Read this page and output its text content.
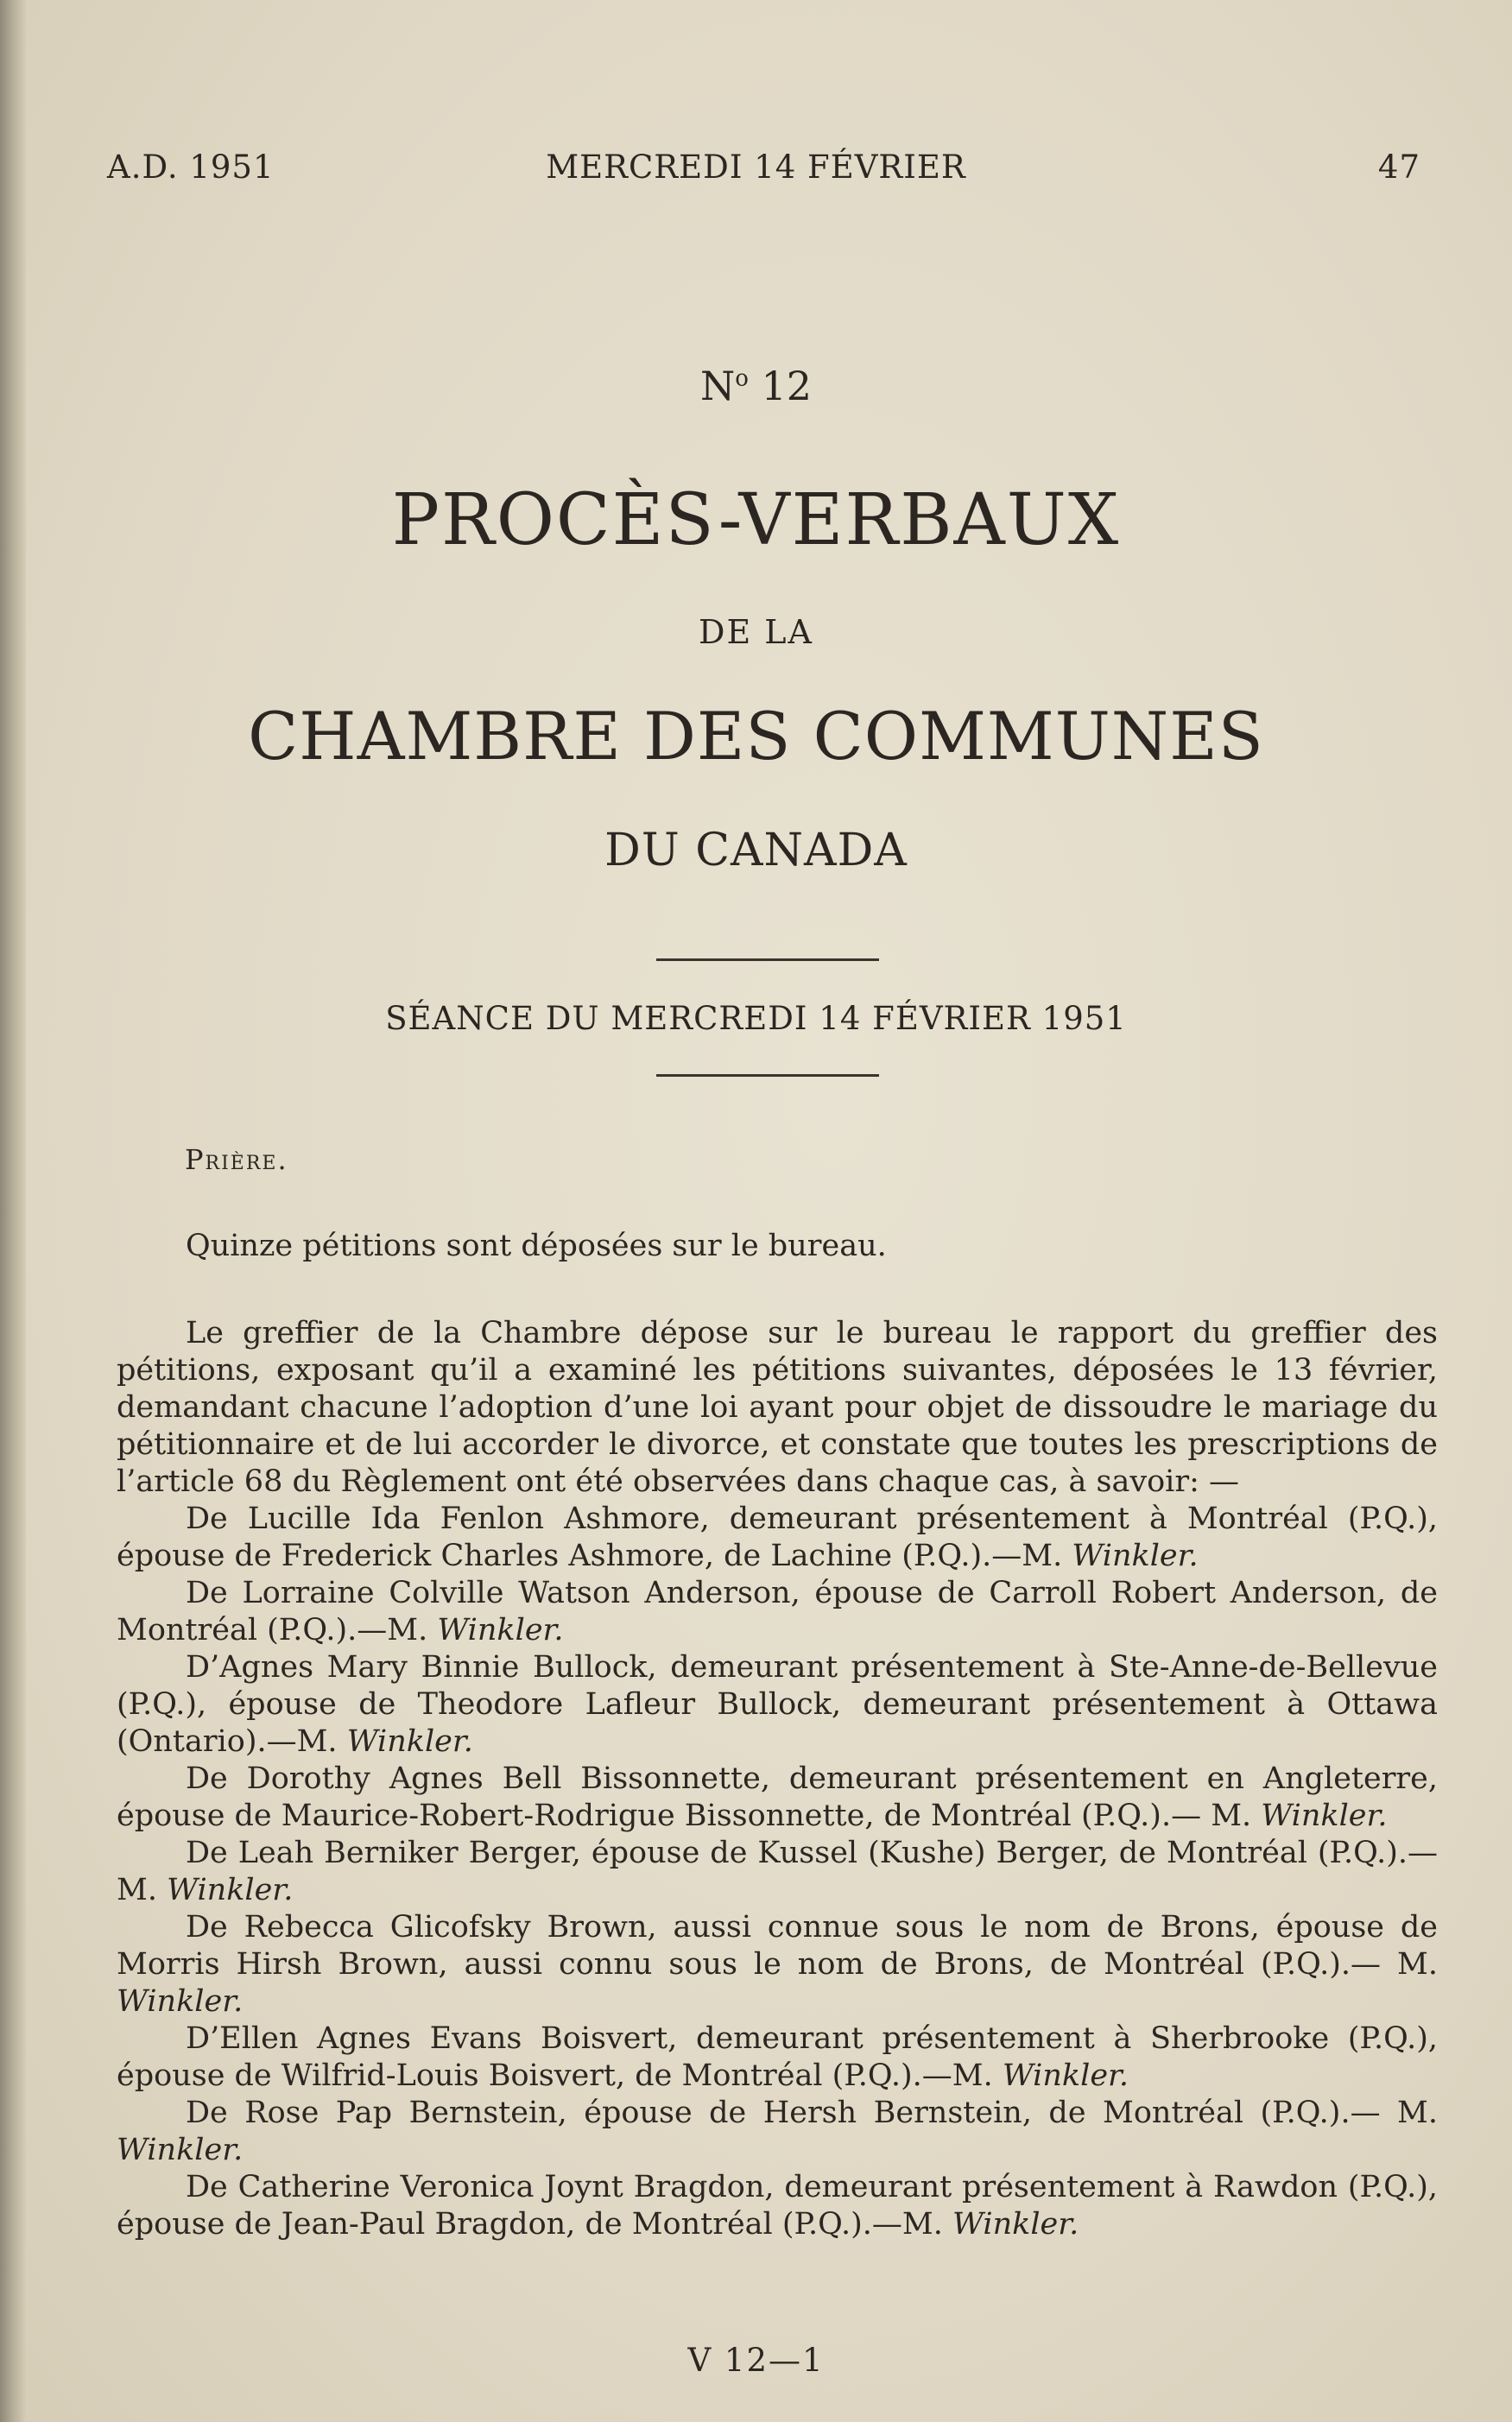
A.D. 1951	MERCREDI 14 FÉVRIER	47
$N^o$ 12
PROCÈS-VERBAUX
DE LA
CHAMBRE DES COMMUNES
DU CANADA
SÉANCE DU MERCREDI 14 FÉVRIER 1951
Prière.
Quinze pétitions sont déposées sur le bureau.

Le greffier de la Chambre dépose sur le bureau le rapport du greffier des pétitions, exposant qu’il a examiné les pétitions suivantes, déposées le 13 février, demandant chacune l’adoption d’une loi ayant pour objet de dissoudre le mariage du pétitionnaire et de lui accorder le divorce, et constate que toutes les prescriptions de l’article 68 du Règlement ont été observées dans chaque cas, à savoir: —

De Lucille Ida Fenlon Ashmore, demeurant présentement à Montréal (P.Q.), épouse de Frederick Charles Ashmore, de Lachine (P.Q.).—M. Winkler.

De Lorraine Colville Watson Anderson, épouse de Carroll Robert Anderson, de Montréal (P.Q.).—M. Winkler.

D’Agnes Mary Binnie Bullock, demeurant présentement à Ste-Anne-de-Bellevue (P.Q.), épouse de Theodore Lafleur Bullock, demeurant présentement à Ottawa (Ontario).—M. Winkler.

De Dorothy Agnes Bell Bissonnette, demeurant présentement en Angleterre, épouse de Maurice-Robert-Rodrigue Bissonnette, de Montréal (P.Q.).— M. Winkler.

De Leah Berniker Berger, épouse de Kussel (Kushe) Berger, de Montréal (P.Q.).—M. Winkler.

De Rebecca Glicofsky Brown, aussi connue sous le nom de Brons, épouse de Morris Hirsh Brown, aussi connu sous le nom de Brons, de Montréal (P.Q.).— M. Winkler.

D’Ellen Agnes Evans Boisvert, demeurant présentement à Sherbrooke (P.Q.), épouse de Wilfrid-Louis Boisvert, de Montréal (P.Q.).—M. Winkler.

De Rose Pap Bernstein, épouse de Hersh Bernstein, de Montréal (P.Q.).— M. Winkler.

De Catherine Veronica Joynt Bragdon, demeurant présentement à Rawdon (P.Q.), épouse de Jean-Paul Bragdon, de Montréal (P.Q.).—M. Winkler.

V 12—1
